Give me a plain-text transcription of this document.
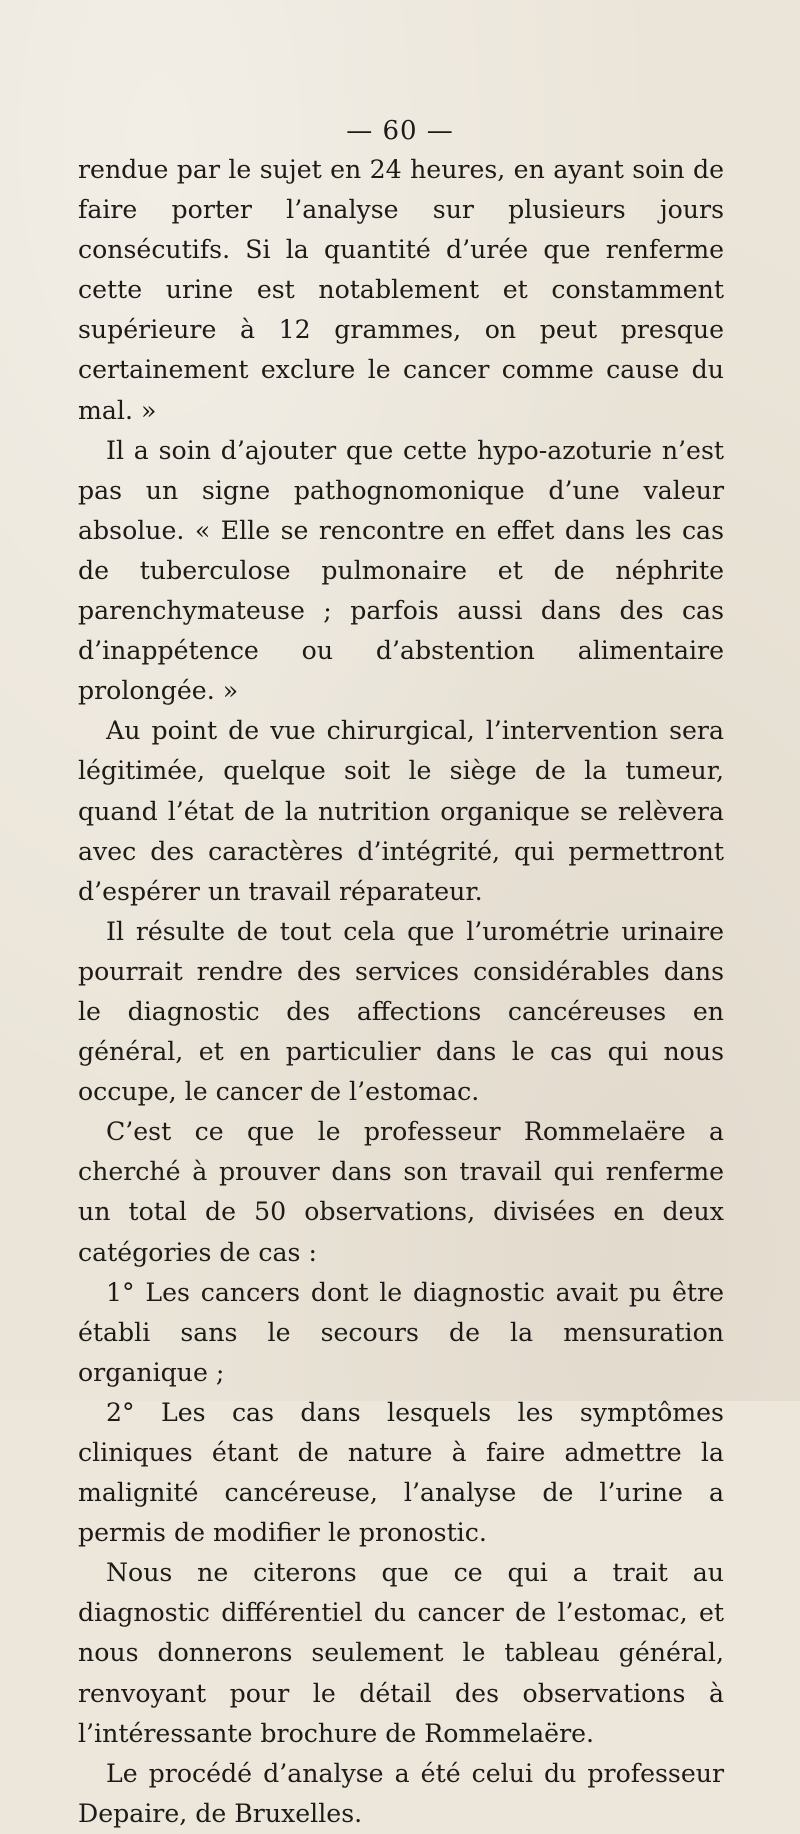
— 60 —

rendue par le sujet en 24 heures, en ayant soin de faire porter l’analyse sur plusieurs jours consécutifs. Si la quantité d’urée que renferme cette urine est notablement et constamment supérieure à 12 grammes, on peut presque certainement exclure le cancer comme cause du mal. »

Il a soin d’ajouter que cette hypo-azoturie n’est pas un signe pathognomonique d’une valeur absolue. « Elle se rencontre en effet dans les cas de tuberculose pulmonaire et de néphrite parenchymateuse ; parfois aussi dans des cas d’inappétence ou d’abstention alimentaire prolongée. »

Au point de vue chirurgical, l’intervention sera légitimée, quelque soit le siège de la tumeur, quand l’état de la nutrition organique se relèvera avec des caractères d’intégrité, qui permettront d’espérer un travail réparateur.

Il résulte de tout cela que l’urométrie urinaire pourrait rendre des services considérables dans le diagnostic des affections cancéreuses en général, et en particulier dans le cas qui nous occupe, le cancer de l’estomac.

C’est ce que le professeur Rommelaëre a cherché à prouver dans son travail qui renferme un total de 50 observations, divisées en deux catégories de cas :

1° Les cancers dont le diagnostic avait pu être établi sans le secours de la mensuration organique ;

2° Les cas dans lesquels les symptômes cliniques étant de nature à faire admettre la malignité cancéreuse, l’analyse de l’urine a permis de modifier le pronostic.

Nous ne citerons que ce qui a trait au diagnostic différentiel du cancer de l’estomac, et nous donnerons seulement le tableau général, renvoyant pour le détail des observations à l’intéressante brochure de Rommelaëre.

Le procédé d’analyse a été celui du professeur Depaire, de Bruxelles.
